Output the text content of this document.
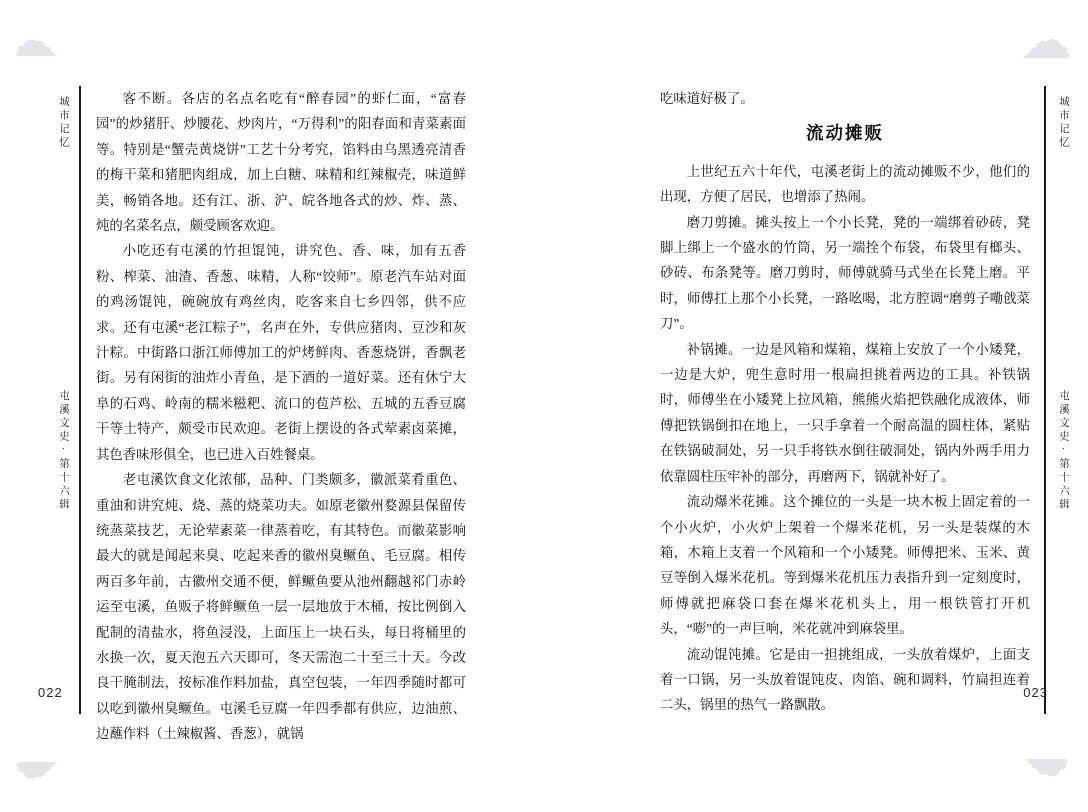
☁	☁
☁	☁
城市记忆
屯溪文史·第十六辑
022

客不断。各店的名点名吃有“醉春园”的虾仁面，“富春园”的炒猪肝、炒腰花、炒肉片，“万得利”的阳春面和青菜素面等。特别是“蟹壳黄烧饼”工艺十分考究，馅料由乌黑透亮清香的梅干菜和猪肥肉组成，加上白糖、味精和红辣椒壳，味道鲜美，畅销各地。还有江、浙、沪、皖各地各式的炒、炸、蒸、炖的名菜名点，颇受顾客欢迎。

小吃还有屯溪的竹担馄饨，讲究色、香、味，加有五香粉、榨菜、油渣、香葱、味精，人称“饺师”。原老汽车站对面的鸡汤馄饨，碗碗放有鸡丝肉，吃客来自七乡四邻，供不应求。还有屯溪“老江粽子”，名声在外，专供应猪肉、豆沙和灰汁粽。中街路口浙江师傅加工的炉烤鲜肉、香葱烧饼，香飘老街。另有闲街的油炸小青鱼，是下酒的一道好菜。还有休宁大阜的石鸡、岭南的糯米糍粑、流口的苞芦松、五城的五香豆腐干等土特产，颇受市民欢迎。老街上摆设的各式荤素卤菜摊，其色香味形俱全，也已进入百姓餐桌。

老屯溪饮食文化浓郁，品种、门类颇多，徽派菜肴重色、重油和讲究炖、烧、蒸的烧菜功夫。如原老徽州婺源县保留传统蒸菜技艺，无论荤素菜一律蒸着吃，有其特色。而徽菜影响最大的就是闻起来臭、吃起来香的徽州臭鳜鱼、毛豆腐。相传两百多年前，古徽州交通不便，鲜鳜鱼要从池州翻越祁门赤岭运至屯溪，鱼贩子将鲜鳜鱼一层一层地放于木桶，按比例倒入配制的清盐水，将鱼浸没，上面压上一块石头，每日将桶里的水换一次，夏天泡五六天即可，冬天需泡二十至三十天。今改良干腌制法，按标准作料加盐，真空包装，一年四季随时都可以吃到徽州臭鳜鱼。屯溪毛豆腐一年四季都有供应，边油煎、边蘸作料（土辣椒酱、香葱），就锅

城市记忆
屯溪文史·第十六辑
023

吃味道好极了。

流动摊贩

上世纪五六十年代，屯溪老街上的流动摊贩不少，他们的出现，方便了居民，也增添了热闹。

磨刀剪摊。摊头按上一个小长凳，凳的一端绑着砂砖，凳脚上绑上一个盛水的竹筒，另一端拴个布袋，布袋里有榔头、砂砖、布条凳等。磨刀剪时，师傅就骑马式坐在长凳上磨。平时，师傅扛上那个小长凳，一路吆喝，北方腔调“磨剪子嘞戗菜刀”。

补锅摊。一边是风箱和煤箱，煤箱上安放了一个小矮凳，一边是大炉，兜生意时用一根扁担挑着两边的工具。补铁锅时，师傅坐在小矮凳上拉风箱，熊熊火焰把铁融化成液体，师傅把铁锅倒扣在地上，一只手拿着一个耐高温的圆柱体，紧贴在铁锅破洞处，另一只手将铁水倒往破洞处，锅内外两手用力依靠圆柱压牢补的部分，再磨两下，锅就补好了。

流动爆米花摊。这个摊位的一头是一块木板上固定着的一个小火炉，小火炉上架着一个爆米花机，另一头是装煤的木箱，木箱上支着一个风箱和一个小矮凳。师傅把米、玉米、黄豆等倒入爆米花机。等到爆米花机压力表指升到一定刻度时，师傅就把麻袋口套在爆米花机头上，用一根铁管打开机头，“嘭”的一声巨响，米花就冲到麻袋里。

流动馄饨摊。它是由一担挑组成，一头放着煤炉，上面支着一口锅，另一头放着馄饨皮、肉馅、碗和调料，竹扁担连着二头，锅里的热气一路飘散。
